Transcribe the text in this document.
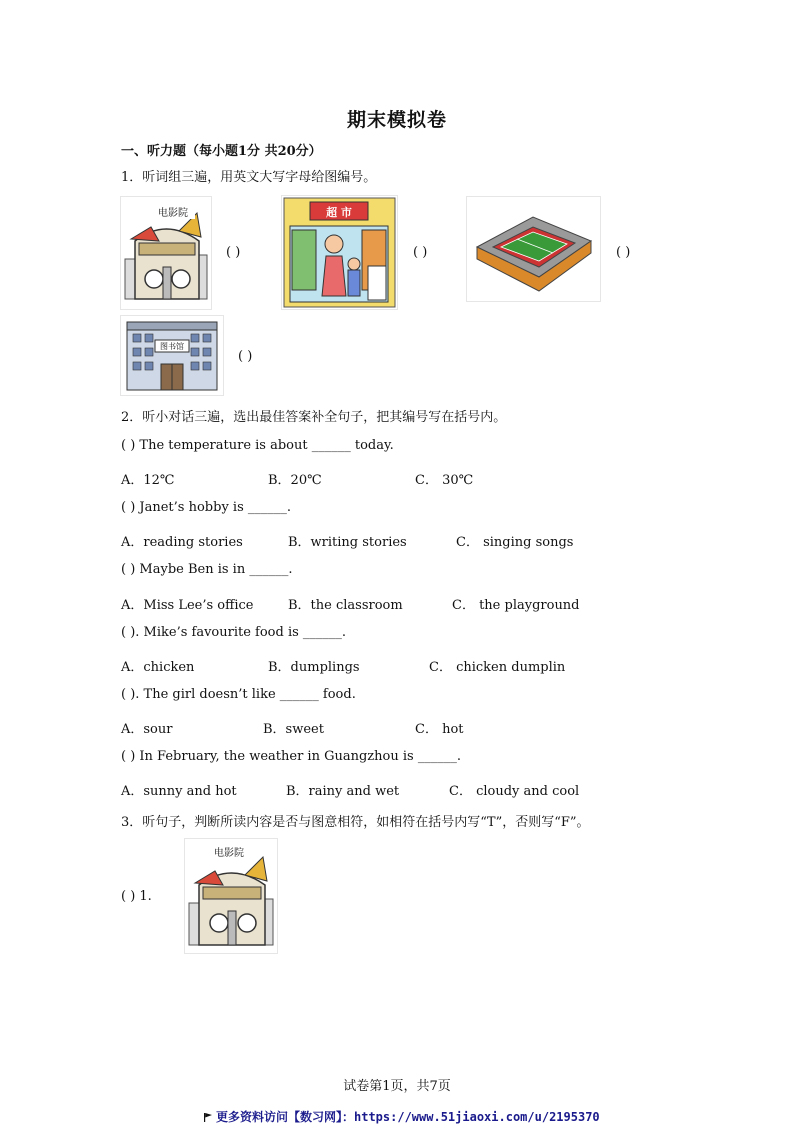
期末模拟卷
一、听力题（每小题1分 共20分）
1．听词组三遍，用英文大写字母给图编号。
电影院
( )
超 市
( )	( )
图书馆
( )
2．听小对话三遍，选出最佳答案补全句子，把其编号写在括号内。
( ) The temperature is about ______ today.
A．12℃	B．20℃	C． 30℃
( ) Janet’s hobby is ______.
A．reading stories	B．writing stories	C． singing songs
( ) Maybe Ben is in ______.
A．Miss Lee’s office	B．the classroom	C． the playground
( ). Mike’s favourite food is ______.
A．chicken	B．dumplings	C． chicken dumplin
( ). The girl doesn’t like ______ food.
A．sour	B．sweet	C． hot
( ) In February, the weather in Guangzhou is ______.
A．sunny and hot	B．rainy and wet	C． cloudy and cool
3．听句子，判断所读内容是否与图意相符，如相符在括号内写“T”，否则写“F”。
电影院
( ) 1.
试卷第1页，共7页
更多资料访问【数习网】：https://www.51jiaoxi.com/u/2195370
